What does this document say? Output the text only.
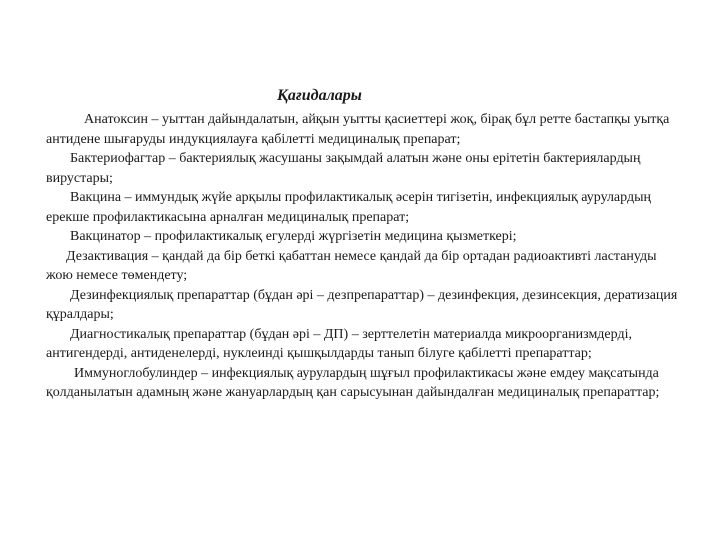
Қағидалары

Анатоксин – уыттан дайындалатын, айқын уытты қасиеттері жоқ, бірақ бұл ретте бастапқы уытқа антидене шығаруды индукциялауға қабілетті медициналық препарат;

Бактериофагтар – бактериялық жасушаны зақымдай алатын және оны ерітетін бактериялардың вирустары;

Вакцина – иммундық жүйе арқылы профилактикалық әсерін тигізетін, инфекциялық аурулардың ерекше профилактикасына арналған медициналық препарат;

Вакцинатор – профилактикалық егулерді жүргізетін медицина қызметкері;

Дезактивация – қандай да бір беткі қабаттан немесе қандай да бір ортадан радиоактивті ластануды жою немесе төмендету;

Дезинфекциялық препараттар (бұдан әрі – дезпрепараттар) – дезинфекция, дезинсекция, дератизация құралдары;

Диагностикалық препараттар (бұдан әрі – ДП) – зерттелетін материалда микроорганизмдерді, антигендерді, антиденелерді, нуклеинді қышқылдарды танып білуге қабілетті препараттар;

Иммуноглобулиндер – инфекциялық аурулардың шұғыл профилактикасы және емдеу мақсатында қолданылатын адамның және жануарлардың қан сарысуынан дайындалған медициналық препараттар;
